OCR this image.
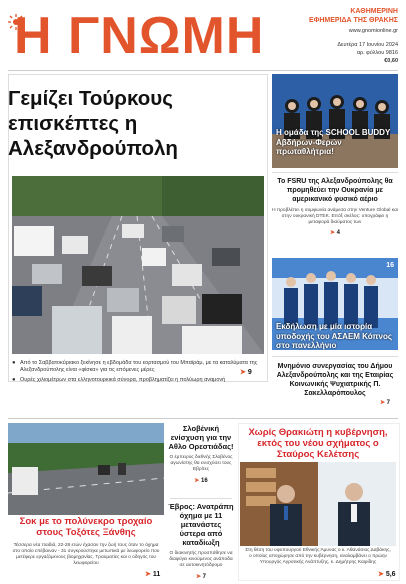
Η ΓΝΩΜΗ	ΚΑΘΗΜΕΡΙΝΗ
ΕΦΗΜΕΡΙΔΑ ΤΗΣ ΘΡΑΚΗΣ
www.gnomionline.gr
Δευτέρα 17 Ιουνίου 2024
αρ. φύλλου 9816
€0,60
Γεμίζει Τούρκους επισκέπτες η Αλεξανδρούπολη

● Από το Σαββατοκύριακο ξεκίνησε η εβδομάδα του εορτασμού του Μπαϊράμ, με τα καταλύματα της Αλεξανδρούπολης είναι «φίσκα» για τις επόμενες μέρες

● Ουρές χιλιομέτρων στα ελληνοτουρκικά σύνορα, προβληματίζει η πολύωρη αναμονή

➤ 9
Η ομάδα της SCHOOL BUDDY Αβδήρων-Φερών πρωταθλήτρια!
Το FSRU της Αλεξανδρούπολης θα προμηθεύει την Ουκρανία με αμερικανικό φυσικό αέριο
Η προβλέπει η συμφωνία ανάμεσα στην Venture Global και στην ουκρανική DTEK. Επόξ σκέλος: υπογράφει η μεταφορά διαύματος των
➤ 4
16
Εκδήλωση με μία ιστορία υποδοχής του ΑΣΑΕΜ Κόπνος στο πανελλήνιο
Μνημόνιο συνεργασίας του Δήμου Αλεξανδρούπολης και της Εταιρίας Κοινωνικής Ψυχιατρικής Π. Σακελλαρόπουλος
➤ 7
Σοκ με το πολύνεκρο τροχαίο στους Τοξότες Ξάνθης
Τέσσερα νέα παιδιά, 22-28 ετών έχασαν την ζωή τους όταν το όχημα στο οποίο επέβαιναν - 31 συγκρούστηκε μετωπικά με λεωφορείο που μετέφερε εργαζόμενους βιομηχανίας. Τραυματίες και ο οδηγός του λεωφορείου
➤ 11
Σλοβένική ενίσχυση για την Αθλο Ορεστιάδας!
Ο έμπειρος διεθνής Σλοβένος αγωνίστης θα ενισχύσει τους Εβρίτες
➤ 16
Έβρος: Ανατράπη όχημα με 11 μετανάστες ύστερα από καταδίωξη
Ο διακινητής προσπάθησε να διαφύγει κινούμενος ανάποδα σε αυτοκινητόδρομο
➤ 7
Χωρίς Θρακιώτη η κυβέρνηση, εκτός του νέου σχήματος ο Σταύρος Κελέτσης
Στη θέση του υφυπουργού Εθνικής Άμυνας ο κ. Αθανάσιος Δαβάκης, ο οποίος αποχώρησε από την κυβέρνηση, αναλαμβάνει ο πρώην Υπουργός Αγροτικής Ανάπτυξης, κ. Δημήτρης Καιρίδης
➤ 5,6
